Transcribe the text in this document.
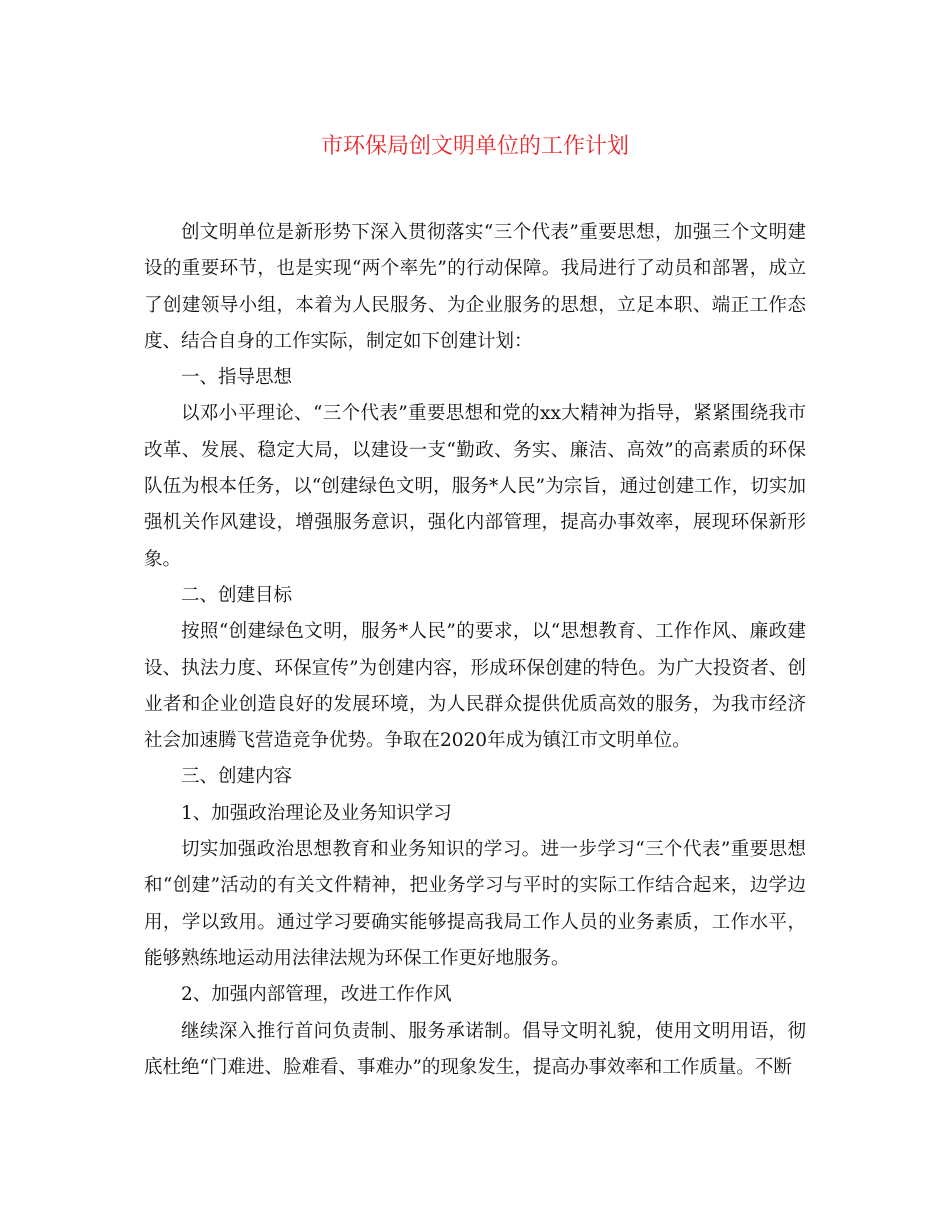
市环保局创文明单位的工作计划

创文明单位是新形势下深入贯彻落实“三个代表”重要思想，加强三个文明建设的重要环节，也是实现“两个率先”的行动保障。我局进行了动员和部署，成立了创建领导小组，本着为人民服务、为企业服务的思想，立足本职、端正工作态度、结合自身的工作实际，制定如下创建计划：

一、指导思想

以邓小平理论、“三个代表”重要思想和党的xx大精神为指导，紧紧围绕我市改革、发展、稳定大局，以建设一支“勤政、务实、廉洁、高效”的高素质的环保队伍为根本任务，以“创建绿色文明，服务*人民”为宗旨，通过创建工作，切实加强机关作风建设，增强服务意识，强化内部管理，提高办事效率，展现环保新形象。

二、创建目标

按照“创建绿色文明，服务*人民”的要求，以“思想教育、工作作风、廉政建设、执法力度、环保宣传”为创建内容，形成环保创建的特色。为广大投资者、创业者和企业创造良好的发展环境，为人民群众提供优质高效的服务，为我市经济社会加速腾飞营造竞争优势。争取在2020年成为镇江市文明单位。

三、创建内容

1、加强政治理论及业务知识学习

切实加强政治思想教育和业务知识的学习。进一步学习“三个代表”重要思想和“创建”活动的有关文件精神，把业务学习与平时的实际工作结合起来，边学边用，学以致用。通过学习要确实能够提高我局工作人员的业务素质，工作水平，能够熟练地运动用法律法规为环保工作更好地服务。

2、加强内部管理，改进工作作风

继续深入推行首问负责制、服务承诺制。倡导文明礼貌，使用文明用语，彻底杜绝“门难进、脸难看、事难办”的现象发生，提高办事效率和工作质量。不断
